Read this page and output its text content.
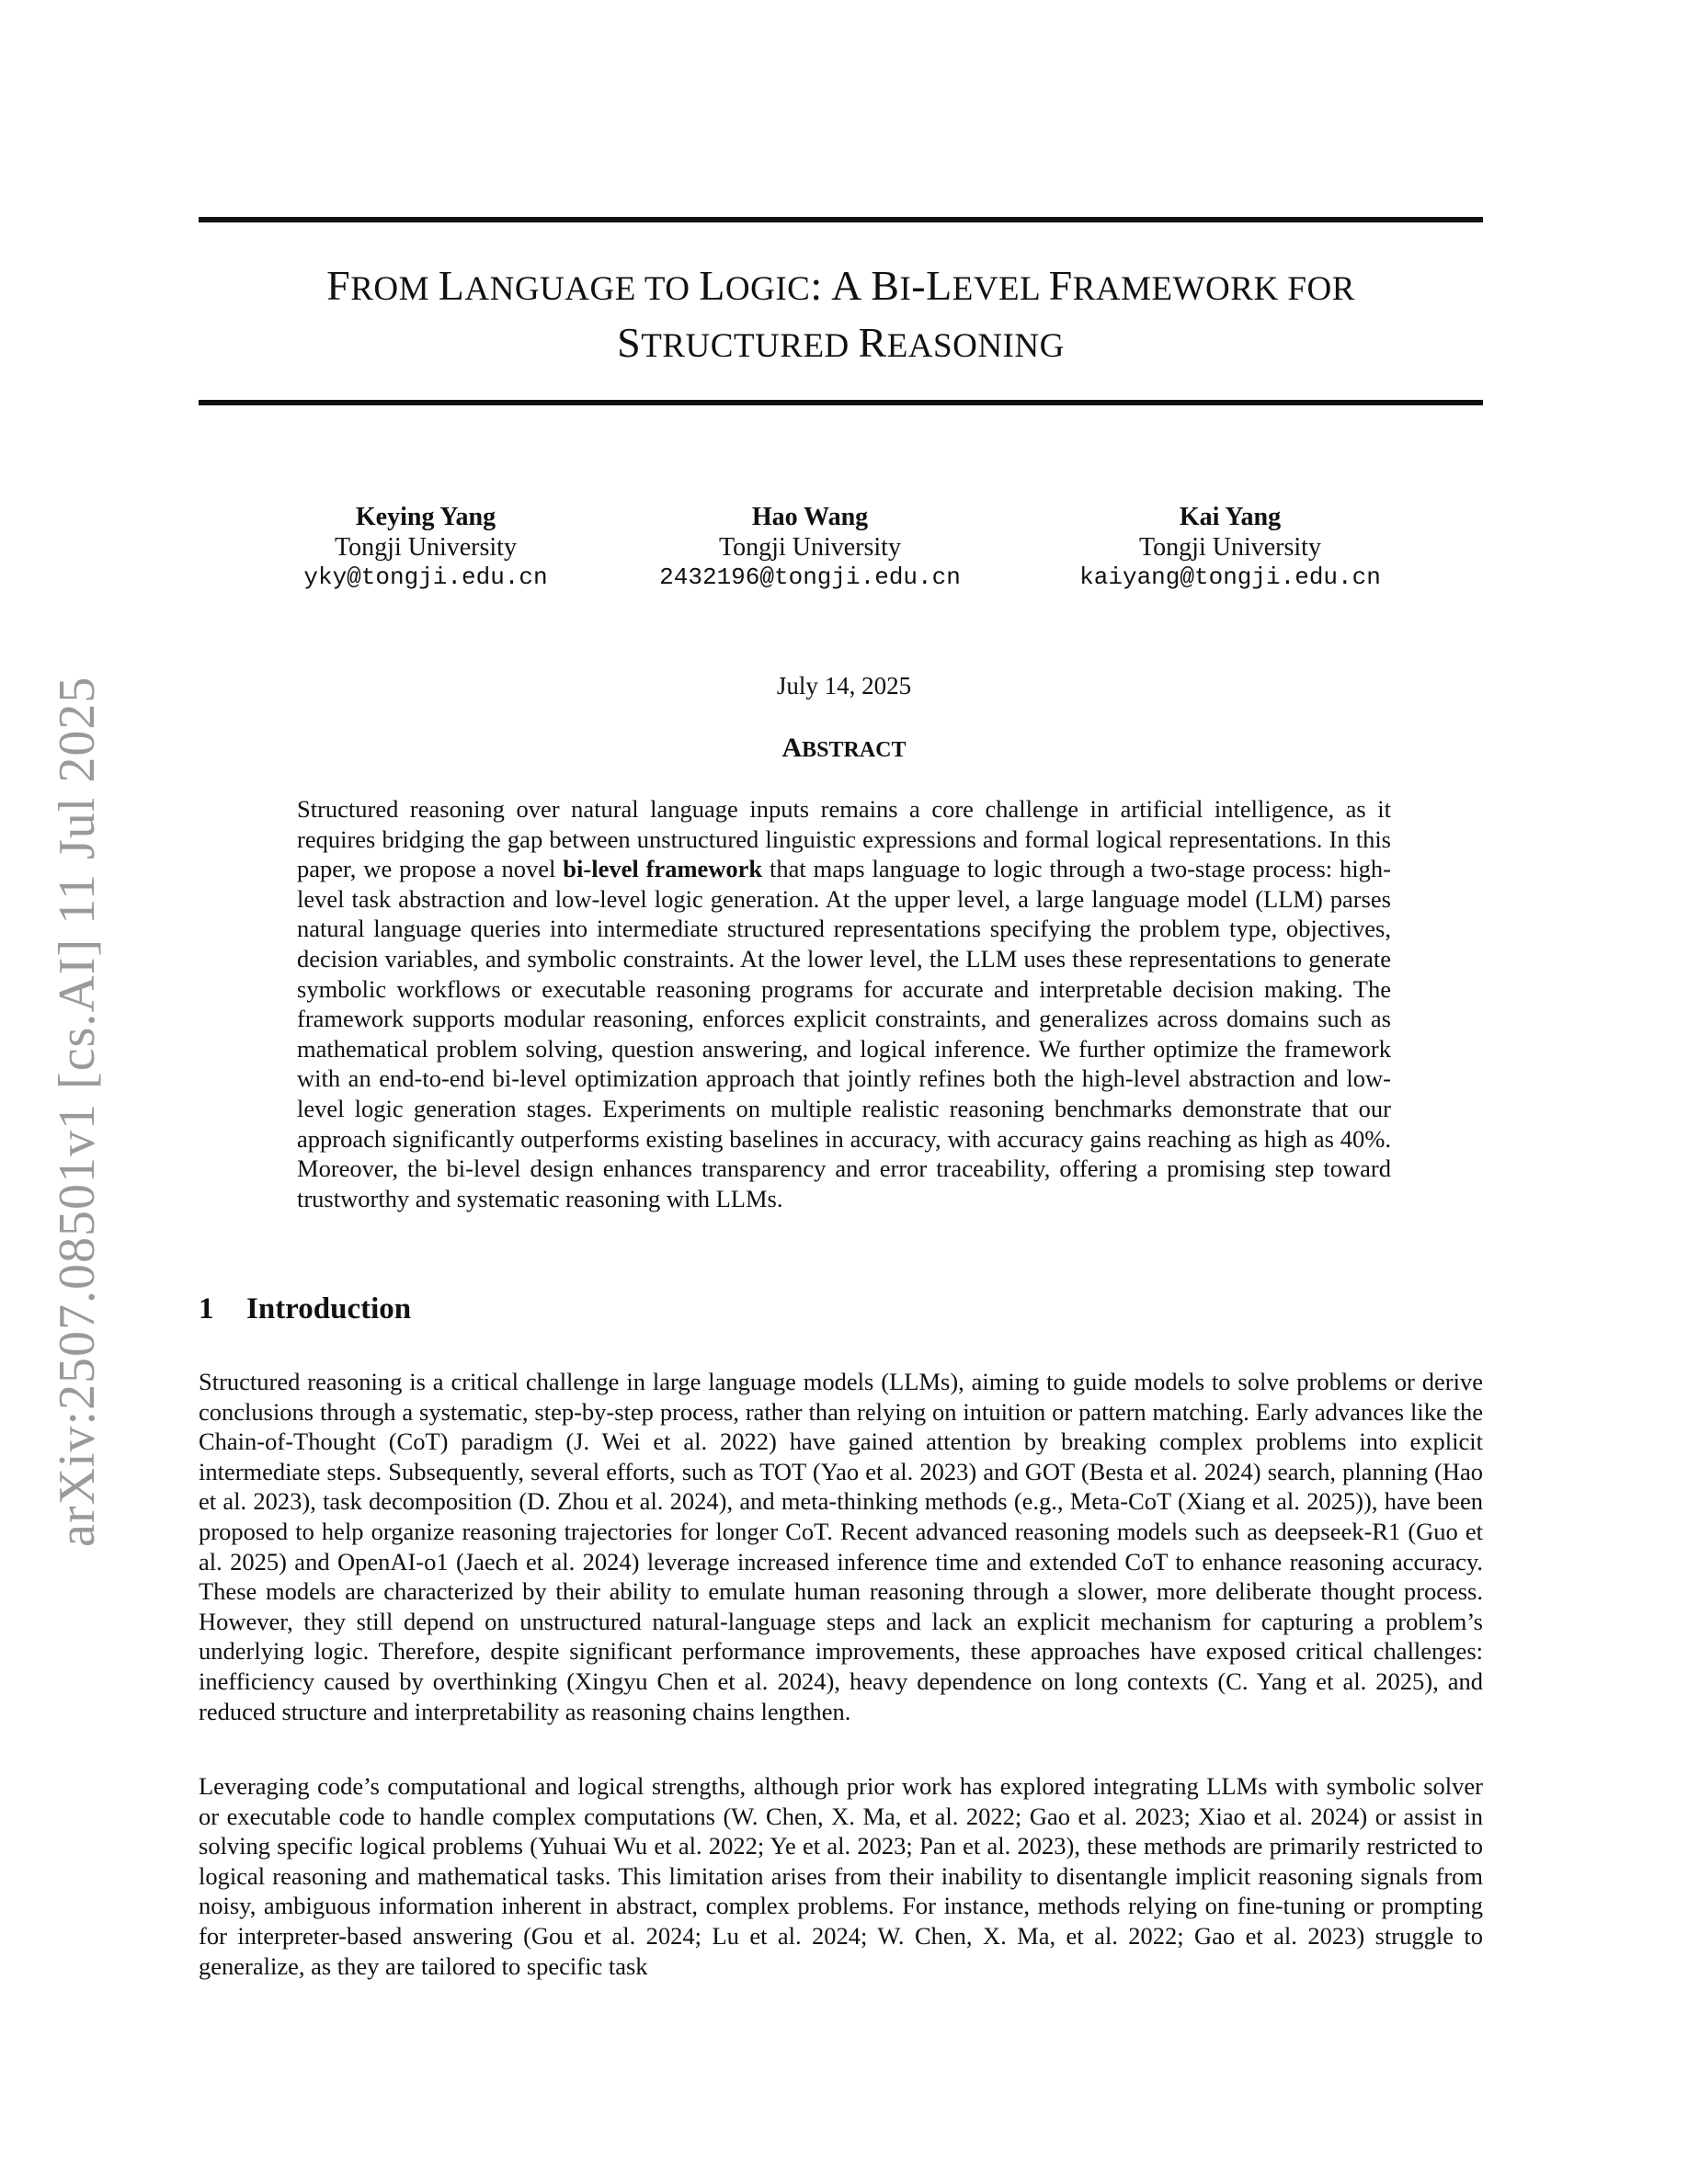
FROM LANGUAGE TO LOGIC: A BI-LEVEL FRAMEWORK FOR
STRUCTURED REASONING
Keying Yang
Tongji University
yky@tongji.edu.cn
Hao Wang
Tongji University
2432196@tongji.edu.cn
Kai Yang
Tongji University
kaiyang@tongji.edu.cn
July 14, 2025
ABSTRACT
Structured reasoning over natural language inputs remains a core challenge in artificial intelligence, as it requires bridging the gap between unstructured linguistic expressions and formal logical representations. In this paper, we propose a novel bi-level framework that maps language to logic through a two-stage process: high-level task abstraction and low-level logic generation. At the upper level, a large language model (LLM) parses natural language queries into intermediate structured representations specifying the problem type, objectives, decision variables, and symbolic constraints. At the lower level, the LLM uses these representations to generate symbolic workflows or executable reasoning programs for accurate and interpretable decision making. The framework supports modular reasoning, enforces explicit constraints, and generalizes across domains such as mathematical problem solving, question answering, and logical inference. We further optimize the framework with an end-to-end bi-level optimization approach that jointly refines both the high-level abstraction and low-level logic generation stages. Experiments on multiple realistic reasoning benchmarks demonstrate that our approach significantly outperforms existing baselines in accuracy, with accuracy gains reaching as high as 40%. Moreover, the bi-level design enhances transparency and error traceability, offering a promising step toward trustworthy and systematic reasoning with LLMs.
arXiv:2507.08501v1 [cs.AI] 11 Jul 2025	1 Introduction
Structured reasoning is a critical challenge in large language models (LLMs), aiming to guide models to solve problems or derive conclusions through a systematic, step-by-step process, rather than relying on intuition or pattern matching. Early advances like the Chain-of-Thought (CoT) paradigm (J. Wei et al. 2022) have gained attention by breaking complex problems into explicit intermediate steps. Subsequently, several efforts, such as TOT (Yao et al. 2023) and GOT (Besta et al. 2024) search, planning (Hao et al. 2023), task decomposition (D. Zhou et al. 2024), and meta-thinking methods (e.g., Meta-CoT (Xiang et al. 2025)), have been proposed to help organize reasoning trajectories for longer CoT. Recent advanced reasoning models such as deepseek-R1 (Guo et al. 2025) and OpenAI-o1 (Jaech et al. 2024) leverage increased inference time and extended CoT to enhance reasoning accuracy. These models are characterized by their ability to emulate human reasoning through a slower, more deliberate thought process. However, they still depend on unstructured natural-language steps and lack an explicit mechanism for capturing a problem’s underlying logic. Therefore, despite significant performance improvements, these approaches have exposed critical challenges: inefficiency caused by overthinking (Xingyu Chen et al. 2024), heavy dependence on long contexts (C. Yang et al. 2025), and reduced structure and interpretability as reasoning chains lengthen.
Leveraging code’s computational and logical strengths, although prior work has explored integrating LLMs with symbolic solver or executable code to handle complex computations (W. Chen, X. Ma, et al. 2022; Gao et al. 2023; Xiao et al. 2024) or assist in solving specific logical problems (Yuhuai Wu et al. 2022; Ye et al. 2023; Pan et al. 2023), these methods are primarily restricted to logical reasoning and mathematical tasks. This limitation arises from their inability to disentangle implicit reasoning signals from noisy, ambiguous information inherent in abstract, complex problems. For instance, methods relying on fine-tuning or prompting for interpreter-based answering (Gou et al. 2024; Lu et al. 2024; W. Chen, X. Ma, et al. 2022; Gao et al. 2023) struggle to generalize, as they are tailored to specific task
